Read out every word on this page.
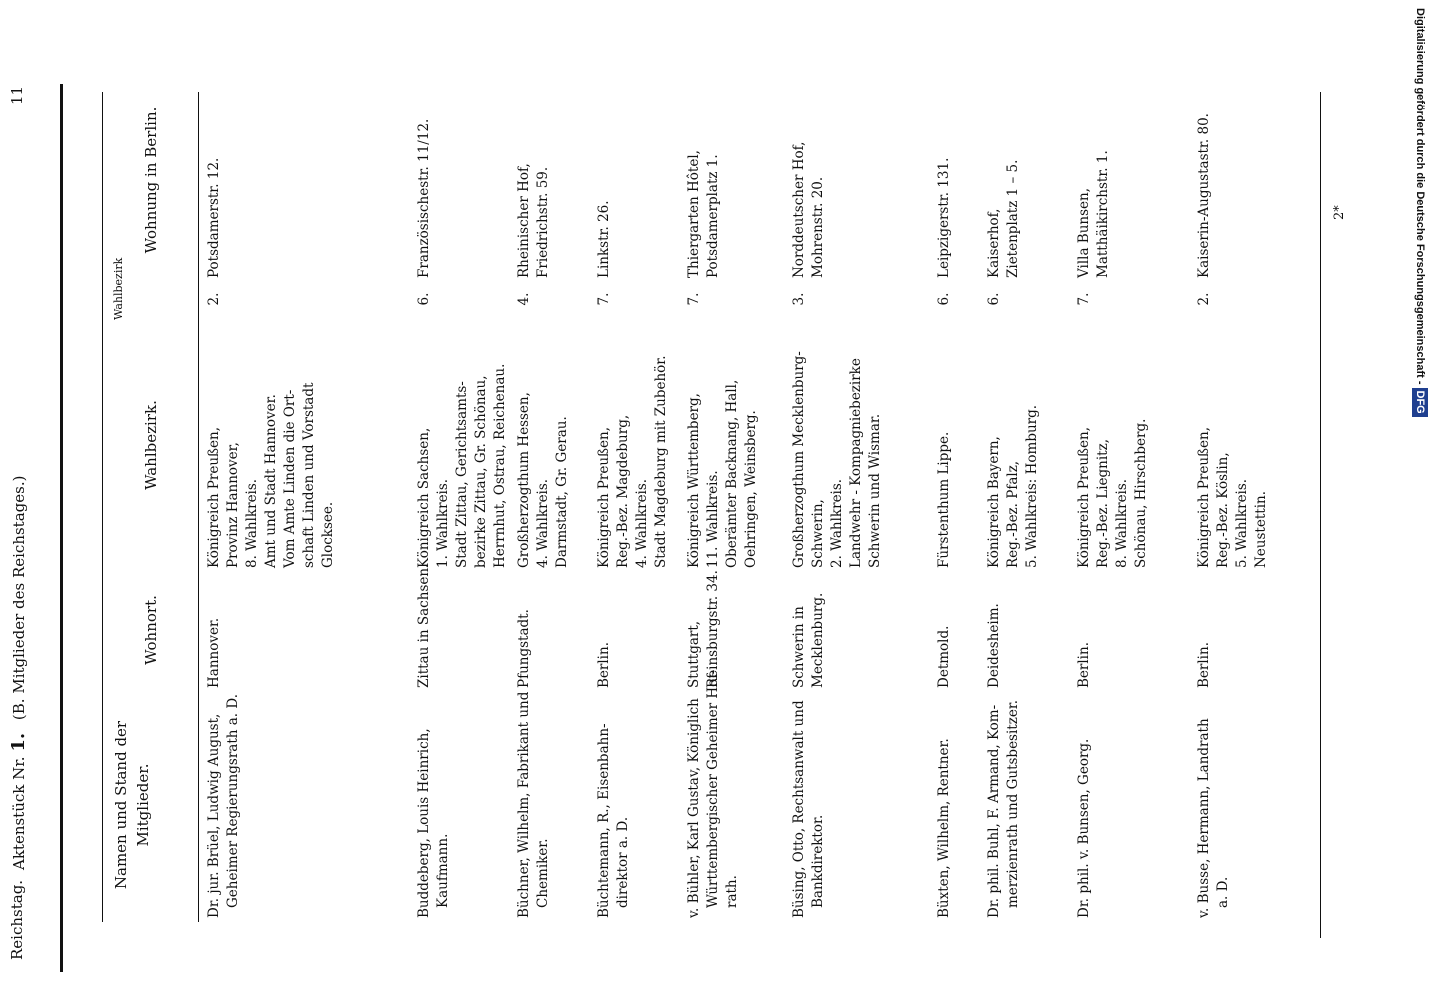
Reichstag.
Aktenstück Nr. 1. (B. Mitglieder des Reichstages.)
11
Namen und Stand der Mitglieder.
Wohnort.
Wahlbezirk.
Wahlbezirk
Wohnung in Berlin.
Dr. jur. Brüel, Ludwig August, Geheimer Regierungsrath a. D.
Hannover.
Königreich Preußen, Provinz Hannover, 8. Wahlkreis. Amt und Stadt Hannover. Vom Amte Linden die Ort- schaft Linden und Vorstadt Glocksee.
2.
Potsdamerstr. 12.
Buddeberg, Louis Heinrich, Kaufmann.
Zittau in Sachsen.
Königreich Sachsen, 1. Wahlkreis. Stadt Zittau, Gerichtsamts- bezirke Zittau, Gr. Schönau, Herrnhut, Ostrau, Reichenau.
6.
Französischestr. 11/12.
Büchner, Wilhelm, Fabrikant und Chemiker.
Pfungstadt.
Großherzogthum Hessen, 4. Wahlkreis. Darmstadt, Gr. Gerau.
4.
Rheinischer Hof, Friedrichstr. 59.
Büchtemann, R., Eisenbahn- direktor a. D.
Berlin.
Königreich Preußen, Reg.-Bez. Magdeburg, 4. Wahlkreis. Stadt Magdeburg mit Zubehör.
7.
Linkstr. 26.
v. Bühler, Karl Gustav, Königlich Württembergischer Geheimer Hof- rath.
Stuttgart, Reinsburgstr. 34.
Königreich Württemberg, 11. Wahlkreis. Oberämter Backnang, Hall, Oehringen, Weinsberg.
7.
Thiergarten Hôtel, Potsdamerplatz 1.
Büsing, Otto, Rechtsanwalt und Bankdirektor.
Schwerin in Mecklenburg.
Großherzogthum Mecklenburg- Schwerin, 2. Wahlkreis. Landwehr - Kompagniebezirke Schwerin und Wismar.
3.
Norddeutscher Hof, Mohrenstr. 20.
Büxten, Wilhelm, Rentner.
Detmold.
Fürstenthum Lippe.
6.
Leipzigerstr. 131.
Dr. phil. Buhl, F. Armand, Kom- merzienrath und Gutsbesitzer.
Deidesheim.
Königreich Bayern, Reg.-Bez. Pfalz, 5. Wahlkreis: Homburg.
6.
Kaiserhof, Zietenplatz 1 – 5.
Dr. phil. v. Bunsen, Georg.
Berlin.
Königreich Preußen, Reg.-Bez. Liegnitz, 8. Wahlkreis. Schönau, Hirschberg.
7.
Villa Bunsen, Matthäikirchstr. 1.
v. Busse, Hermann, Landrath a. D.
Berlin.
Königreich Preußen, Reg.-Bez. Köslin, 5. Wahlkreis. Neustettin.
2.
Kaiserin-Augustastr. 80.	2*	Digitalisierung gefördert durch die Deutsche Forschungsgemeinschaft -DFG
